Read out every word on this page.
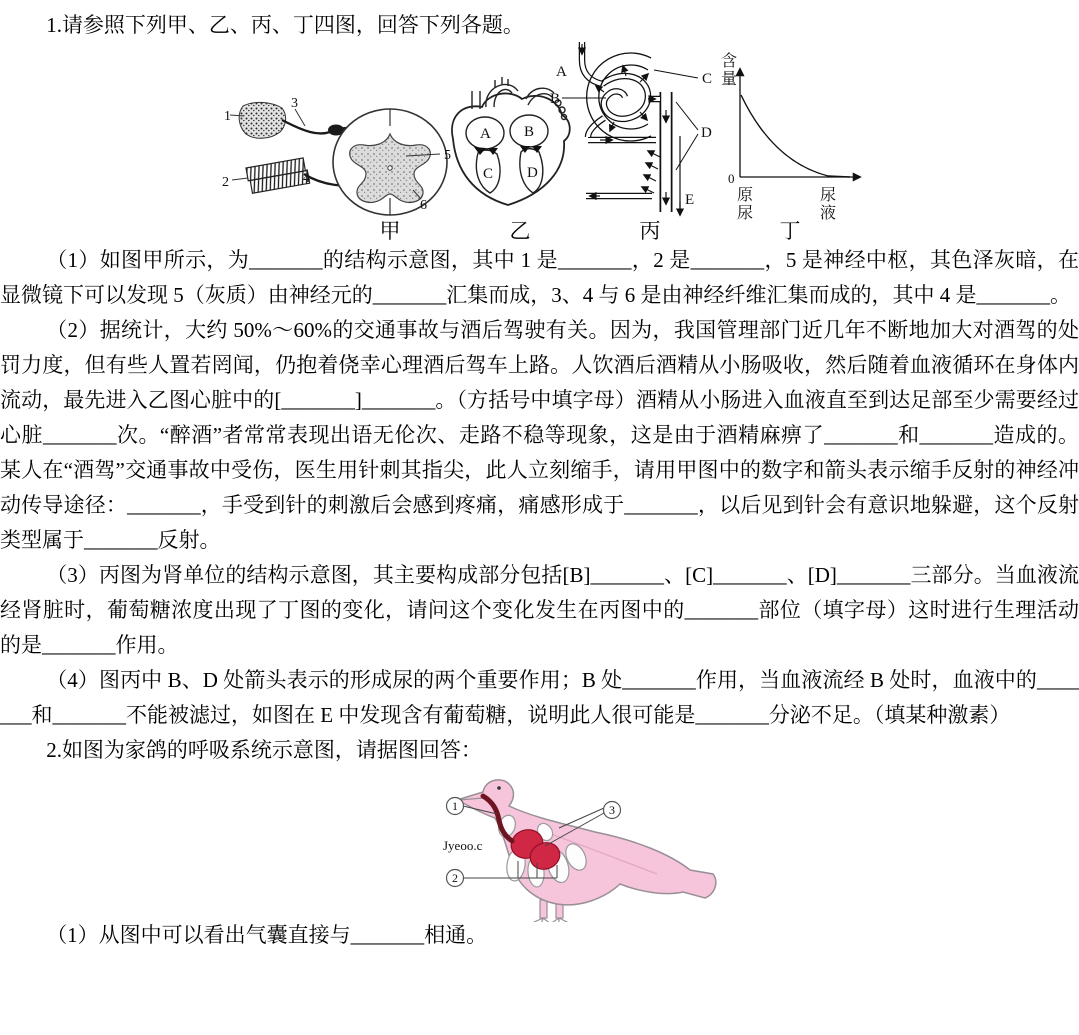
1.请参照下列甲、乙、丙、丁四图，回答下列各题。

1
2
3
4
5
6
A B
C D
A
B
C
D
E
含
量
0
原
尿
尿
液
甲	乙	丙	丁

（1）如图甲所示，为_______的结构示意图，其中 1 是_______，2 是_______，5 是神经中枢，其色泽灰暗，在显微镜下可以发现 5（灰质）由神经元的_______汇集而成，3、4 与 6 是由神经纤维汇集而成的，其中 4 是_______。

（2）据统计，大约 50%～60%的交通事故与酒后驾驶有关。因为，我国管理部门近几年不断地加大对酒驾的处罚力度，但有些人置若罔闻，仍抱着侥幸心理酒后驾车上路。人饮酒后酒精从小肠吸收，然后随着血液循环在身体内流动，最先进入乙图心脏中的[_______]_______。（方括号中填字母）酒精从小肠进入血液直至到达足部至少需要经过心脏_______次。“醉酒”者常常表现出语无伦次、走路不稳等现象，这是由于酒精麻痹了_______和_______造成的。某人在“酒驾”交通事故中受伤，医生用针刺其指尖，此人立刻缩手，请用甲图中的数字和箭头表示缩手反射的神经冲动传导途径：_______，手受到针的刺激后会感到疼痛，痛感形成于_______，以后见到针会有意识地躲避，这个反射类型属于_______反射。

（3）丙图为肾单位的结构示意图，其主要构成部分包括[B]_______、[C]_______、[D]_______三部分。当血液流经肾脏时，葡萄糖浓度出现了丁图的变化，请问这个变化发生在丙图中的_______部位（填字母）这时进行生理活动的是_______作用。

（4）图丙中 B、D 处箭头表示的形成尿的两个重要作用；B 处_______作用，当血液流经 B 处时，血液中的_______和_______不能被滤过，如图在 E 中发现含有葡萄糖，说明此人很可能是_______分泌不足。（填某种激素）

2.如图为家鸽的呼吸系统示意图，请据图回答：

Jyeoo.c
1
2
3

（1）从图中可以看出气囊直接与_______相通。
